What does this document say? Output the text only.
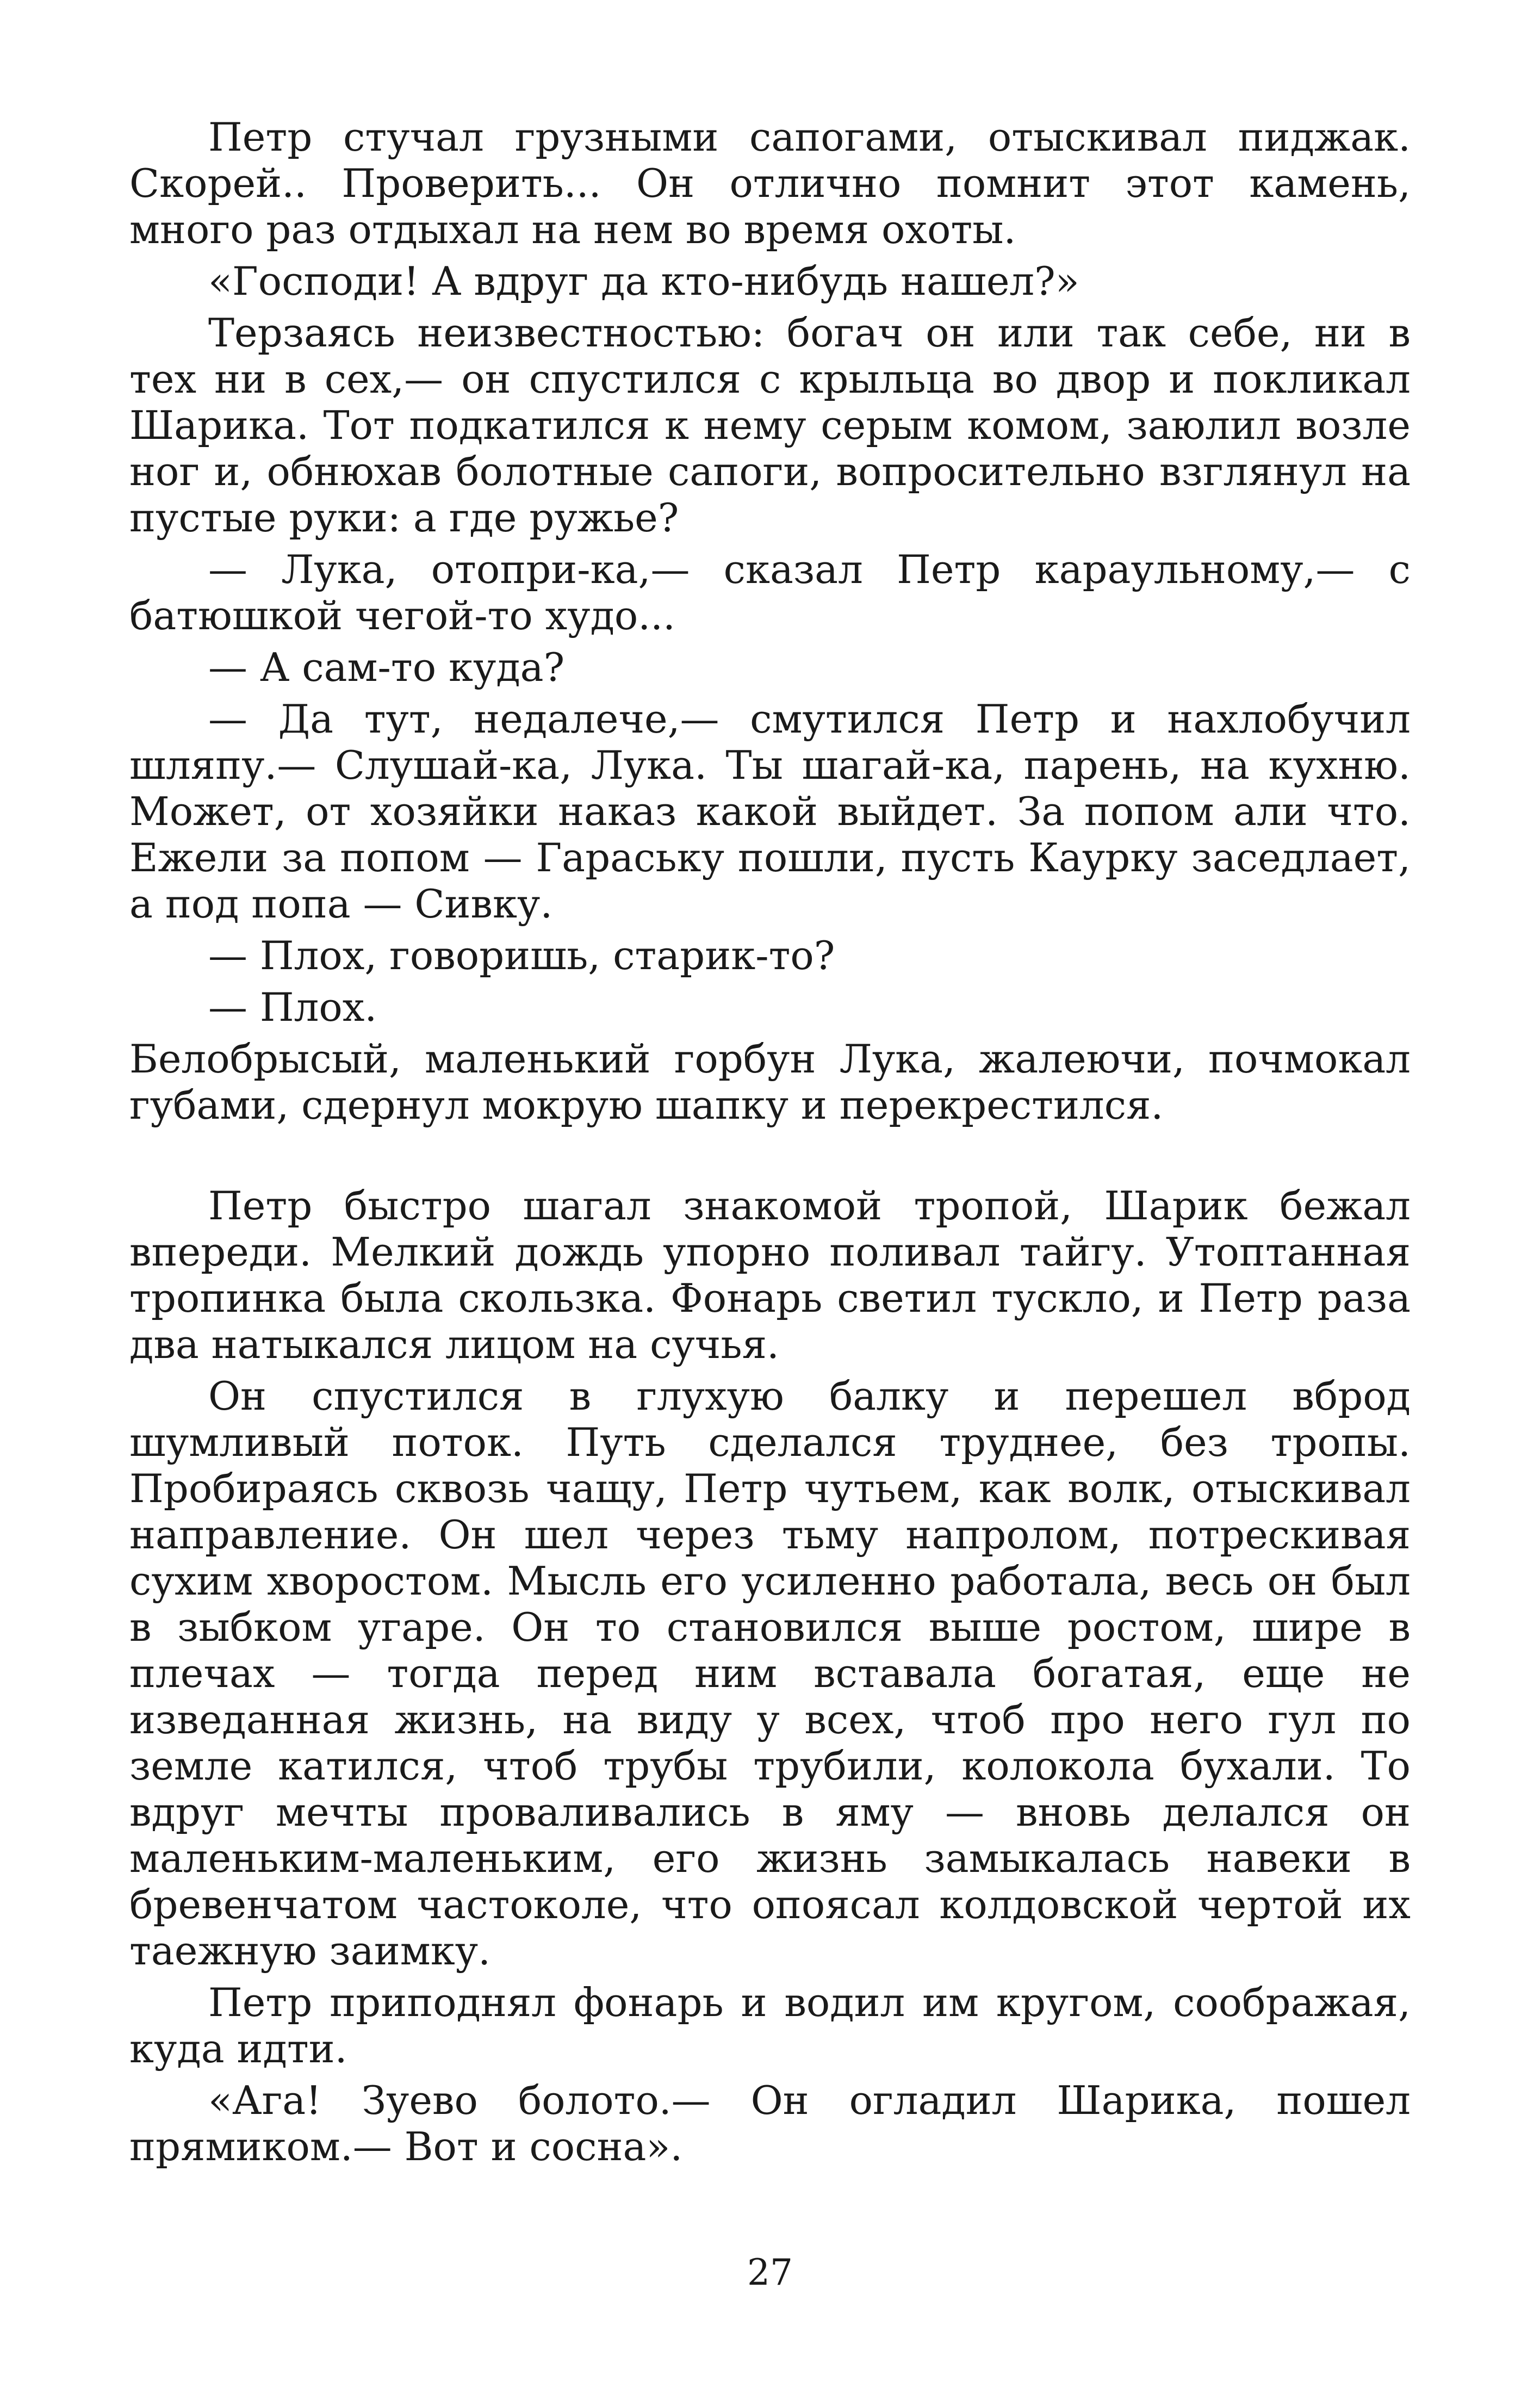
Петр стучал грузными сапогами, отыскивал пиджак. Скорей.. Проверить... Он отлично помнит этот камень, много раз отдыхал на нем во время охоты.

«Господи! А вдруг да кто-нибудь нашел?»

Терзаясь неизвестностью: богач он или так себе, ни в тех ни в сех,— он спустился с крыльца во двор и покликал Шарика. Тот подкатился к нему серым комом, заюлил возле ног и, обнюхав болотные сапоги, вопросительно взглянул на пустые руки: а где ружье?

— Лука, отопри-ка,— сказал Петр караульному,— с батюшкой чегой-то худо...

— А сам-то куда?

— Да тут, недалече,— смутился Петр и нахлобучил шляпу.— Слушай-ка, Лука. Ты шагай-ка, парень, на кухню. Может, от хозяйки наказ какой выйдет. За попом али что. Ежели за попом — Гараську пошли, пусть Каурку заседлает, а под попа — Сивку.

— Плох, говоришь, старик-то?

— Плох.

Белобрысый, маленький горбун Лука, жалеючи, почмокал губами, сдернул мокрую шапку и перекрестился.

Петр быстро шагал знакомой тропой, Шарик бежал впереди. Мелкий дождь упорно поливал тайгу. Утоптанная тропинка была скользка. Фонарь светил тускло, и Петр раза два натыкался лицом на сучья.

Он спустился в глухую балку и перешел вброд шумливый поток. Путь сделался труднее, без тропы. Пробираясь сквозь чащу, Петр чутьем, как волк, отыскивал направление. Он шел через тьму напролом, потрескивая сухим хворостом. Мысль его усиленно работала, весь он был в зыбком угаре. Он то становился выше ростом, шире в плечах — тогда перед ним вставала богатая, еще не изведанная жизнь, на виду у всех, чтоб про него гул по земле катился, чтоб трубы трубили, колокола бухали. То вдруг мечты проваливались в яму — вновь делался он маленьким-маленьким, его жизнь замыкалась навеки в бревенчатом частоколе, что опоясал колдовской чертой их таежную заимку.

Петр приподнял фонарь и водил им кругом, соображая, куда идти.

«Ага! Зуево болото.— Он огладил Шарика, пошел прямиком.— Вот и сосна».

27
